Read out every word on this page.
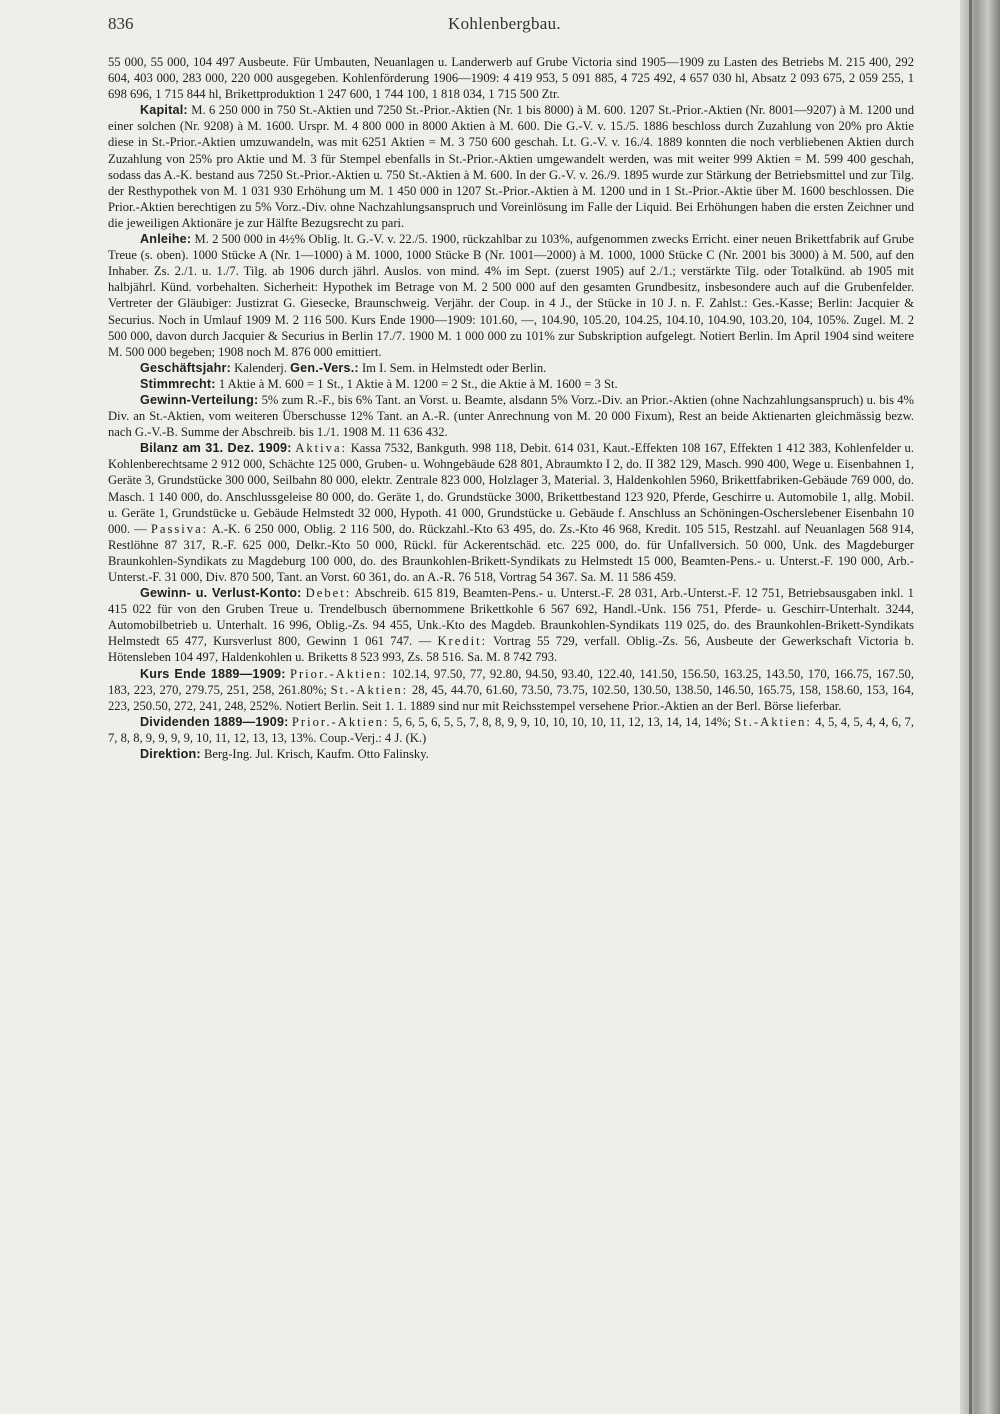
836	Kohlenbergbau.

55 000, 55 000, 104 497 Ausbeute. Für Umbauten, Neuanlagen u. Landerwerb auf Grube Victoria sind 1905—1909 zu Lasten des Betriebs M. 215 400, 292 604, 403 000, 283 000, 220 000 ausgegeben. Kohlenförderung 1906—1909: 4 419 953, 5 091 885, 4 725 492, 4 657 030 hl, Absatz 2 093 675, 2 059 255, 1 698 696, 1 715 844 hl, Brikettproduktion 1 247 600, 1 744 100, 1 818 034, 1 715 500 Ztr.

Kapital: M. 6 250 000 in 750 St.-Aktien und 7250 St.-Prior.-Aktien (Nr. 1 bis 8000) à M. 600. 1207 St.-Prior.-Aktien (Nr. 8001—9207) à M. 1200 und einer solchen (Nr. 9208) à M. 1600. Urspr. M. 4 800 000 in 8000 Aktien à M. 600. Die G.-V. v. 15./5. 1886 beschloss durch Zuzahlung von 20% pro Aktie diese in St.-Prior.-Aktien umzuwandeln, was mit 6251 Aktien = M. 3 750 600 geschah. Lt. G.-V. v. 16./4. 1889 konnten die noch verbliebenen Aktien durch Zuzahlung von 25% pro Aktie und M. 3 für Stempel ebenfalls in St.-Prior.-Aktien umgewandelt werden, was mit weiter 999 Aktien = M. 599 400 geschah, sodass das A.-K. bestand aus 7250 St.-Prior.-Aktien u. 750 St.-Aktien à M. 600. In der G.-V. v. 26./9. 1895 wurde zur Stärkung der Betriebsmittel und zur Tilg. der Resthypothek von M. 1 031 930 Erhöhung um M. 1 450 000 in 1207 St.-Prior.-Aktien à M. 1200 und in 1 St.-Prior.-Aktie über M. 1600 beschlossen. Die Prior.-Aktien berechtigen zu 5% Vorz.-Div. ohne Nachzahlungsanspruch und Voreinlösung im Falle der Liquid. Bei Erhöhungen haben die ersten Zeichner und die jeweiligen Aktionäre je zur Hälfte Bezugsrecht zu pari.

Anleihe: M. 2 500 000 in 4½% Oblig. lt. G.-V. v. 22./5. 1900, rückzahlbar zu 103%, aufgenommen zwecks Erricht. einer neuen Brikettfabrik auf Grube Treue (s. oben). 1000 Stücke A (Nr. 1—1000) à M. 1000, 1000 Stücke B (Nr. 1001—2000) à M. 1000, 1000 Stücke C (Nr. 2001 bis 3000) à M. 500, auf den Inhaber. Zs. 2./1. u. 1./7. Tilg. ab 1906 durch jährl. Auslos. von mind. 4% im Sept. (zuerst 1905) auf 2./1.; verstärkte Tilg. oder Totalkünd. ab 1905 mit halbjährl. Künd. vorbehalten. Sicherheit: Hypothek im Betrage von M. 2 500 000 auf den gesamten Grundbesitz, insbesondere auch auf die Grubenfelder. Vertreter der Gläubiger: Justizrat G. Giesecke, Braunschweig. Verjähr. der Coup. in 4 J., der Stücke in 10 J. n. F. Zahlst.: Ges.-Kasse; Berlin: Jacquier & Securius. Noch in Umlauf 1909 M. 2 116 500. Kurs Ende 1900—1909: 101.60, —, 104.90, 105.20, 104.25, 104.10, 104.90, 103.20, 104, 105%. Zugel. M. 2 500 000, davon durch Jacquier & Securius in Berlin 17./7. 1900 M. 1 000 000 zu 101% zur Subskription aufgelegt. Notiert Berlin. Im April 1904 sind weitere M. 500 000 begeben; 1908 noch M. 876 000 emittiert.

Geschäftsjahr: Kalenderj. Gen.-Vers.: Im I. Sem. in Helmstedt oder Berlin.

Stimmrecht: 1 Aktie à M. 600 = 1 St., 1 Aktie à M. 1200 = 2 St., die Aktie à M. 1600 = 3 St.

Gewinn-Verteilung: 5% zum R.-F., bis 6% Tant. an Vorst. u. Beamte, alsdann 5% Vorz.-Div. an Prior.-Aktien (ohne Nachzahlungsanspruch) u. bis 4% Div. an St.-Aktien, vom weiteren Überschusse 12% Tant. an A.-R. (unter Anrechnung von M. 20 000 Fixum), Rest an beide Aktienarten gleichmässig bezw. nach G.-V.-B. Summe der Abschreib. bis 1./1. 1908 M. 11 636 432.

Bilanz am 31. Dez. 1909: Aktiva: Kassa 7532, Bankguth. 998 118, Debit. 614 031, Kaut.-Effekten 108 167, Effekten 1 412 383, Kohlenfelder u. Kohlenberechtsame 2 912 000, Schächte 125 000, Gruben- u. Wohngebäude 628 801, Abraumkto I 2, do. II 382 129, Masch. 990 400, Wege u. Eisenbahnen 1, Geräte 3, Grundstücke 300 000, Seilbahn 80 000, elektr. Zentrale 823 000, Holzlager 3, Material. 3, Haldenkohlen 5960, Brikettfabriken-Gebäude 769 000, do. Masch. 1 140 000, do. Anschlussgeleise 80 000, do. Geräte 1, do. Grundstücke 3000, Brikettbestand 123 920, Pferde, Geschirre u. Automobile 1, allg. Mobil. u. Geräte 1, Grundstücke u. Gebäude Helmstedt 32 000, Hypoth. 41 000, Grundstücke u. Gebäude f. Anschluss an Schöningen-Oscherslebener Eisenbahn 10 000. — Passiva: A.-K. 6 250 000, Oblig. 2 116 500, do. Rückzahl.-Kto 63 495, do. Zs.-Kto 46 968, Kredit. 105 515, Restzahl. auf Neuanlagen 568 914, Restlöhne 87 317, R.-F. 625 000, Delkr.-Kto 50 000, Rückl. für Ackerentschäd. etc. 225 000, do. für Unfallversich. 50 000, Unk. des Magdeburger Braunkohlen-Syndikats zu Magdeburg 100 000, do. des Braunkohlen-Brikett-Syndikats zu Helmstedt 15 000, Beamten-Pens.- u. Unterst.-F. 190 000, Arb.-Unterst.-F. 31 000, Div. 870 500, Tant. an Vorst. 60 361, do. an A.-R. 76 518, Vortrag 54 367. Sa. M. 11 586 459.

Gewinn- u. Verlust-Konto: Debet: Abschreib. 615 819, Beamten-Pens.- u. Unterst.-F. 28 031, Arb.-Unterst.-F. 12 751, Betriebsausgaben inkl. 1 415 022 für von den Gruben Treue u. Trendelbusch übernommene Brikettkohle 6 567 692, Handl.-Unk. 156 751, Pferde- u. Geschirr-Unterhalt. 3244, Automobilbetrieb u. Unterhalt. 16 996, Oblig.-Zs. 94 455, Unk.-Kto des Magdeb. Braunkohlen-Syndikats 119 025, do. des Braunkohlen-Brikett-Syndikats Helmstedt 65 477, Kursverlust 800, Gewinn 1 061 747. — Kredit: Vortrag 55 729, verfall. Oblig.-Zs. 56, Ausbeute der Gewerkschaft Victoria b. Hötensleben 104 497, Haldenkohlen u. Briketts 8 523 993, Zs. 58 516. Sa. M. 8 742 793.

Kurs Ende 1889—1909: Prior.-Aktien: 102.14, 97.50, 77, 92.80, 94.50, 93.40, 122.40, 141.50, 156.50, 163.25, 143.50, 170, 166.75, 167.50, 183, 223, 270, 279.75, 251, 258, 261.80%; St.-Aktien: 28, 45, 44.70, 61.60, 73.50, 73.75, 102.50, 130.50, 138.50, 146.50, 165.75, 158, 158.60, 153, 164, 223, 250.50, 272, 241, 248, 252%. Notiert Berlin. Seit 1. 1. 1889 sind nur mit Reichsstempel versehene Prior.-Aktien an der Berl. Börse lieferbar.

Dividenden 1889—1909: Prior.-Aktien: 5, 6, 5, 6, 5, 5, 7, 8, 8, 9, 9, 10, 10, 10, 10, 11, 12, 13, 14, 14, 14%; St.-Aktien: 4, 5, 4, 5, 4, 4, 6, 7, 7, 8, 8, 9, 9, 9, 9, 10, 11, 12, 13, 13, 13%. Coup.-Verj.: 4 J. (K.)

Direktion: Berg-Ing. Jul. Krisch, Kaufm. Otto Falinsky.
